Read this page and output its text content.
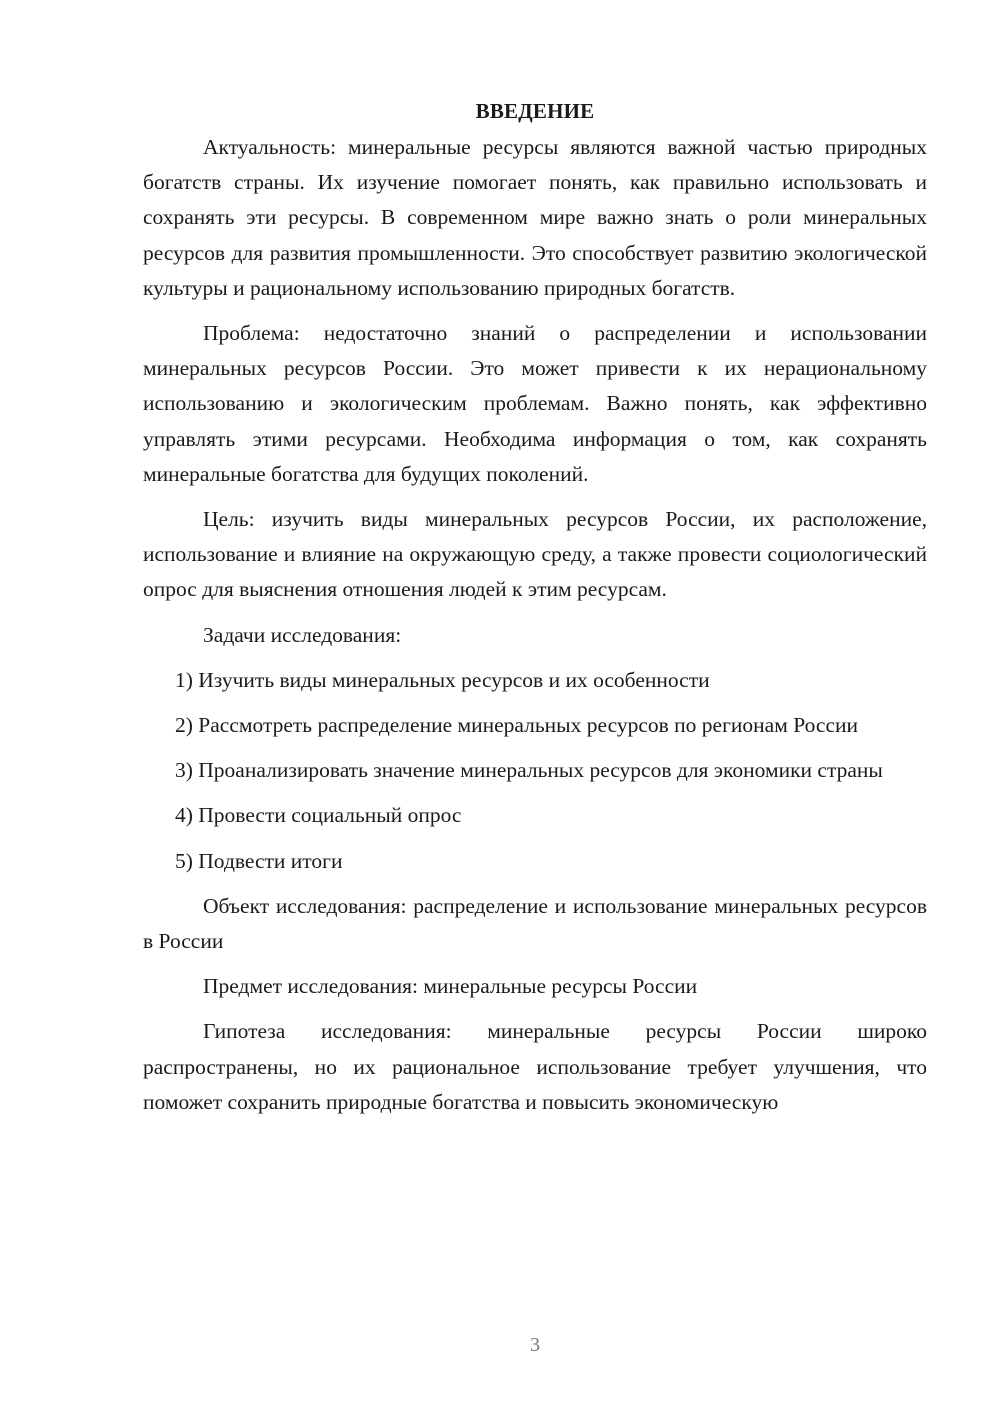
ВВЕДЕНИЕ

Актуальность: минеральные ресурсы являются важной частью природных богатств страны. Их изучение помогает понять, как правильно использовать и сохранять эти ресурсы. В современном мире важно знать о роли минеральных ресурсов для развития промышленности. Это способствует развитию экологической культуры и рациональному использованию природных богатств.

Проблема: недостаточно знаний о распределении и использовании минеральных ресурсов России. Это может привести к их нерациональному использованию и экологическим проблемам. Важно понять, как эффективно управлять этими ресурсами. Необходима информация о том, как сохранять минеральные богатства для будущих поколений.

Цель: изучить виды минеральных ресурсов России, их расположение, использование и влияние на окружающую среду, а также провести социологический опрос для выяснения отношения людей к этим ресурсам.

Задачи исследования:

1) Изучить виды минеральных ресурсов и их особенности

2) Рассмотреть распределение минеральных ресурсов по регионам России

3) Проанализировать значение минеральных ресурсов для экономики страны

4) Провести социальный опрос

5) Подвести итоги

Объект исследования: распределение и использование минеральных ресурсов в России

Предмет исследования: минеральные ресурсы России

Гипотеза исследования: минеральные ресурсы России широко распространены, но их рациональное использование требует улучшения, что поможет сохранить природные богатства и повысить экономическую

3
